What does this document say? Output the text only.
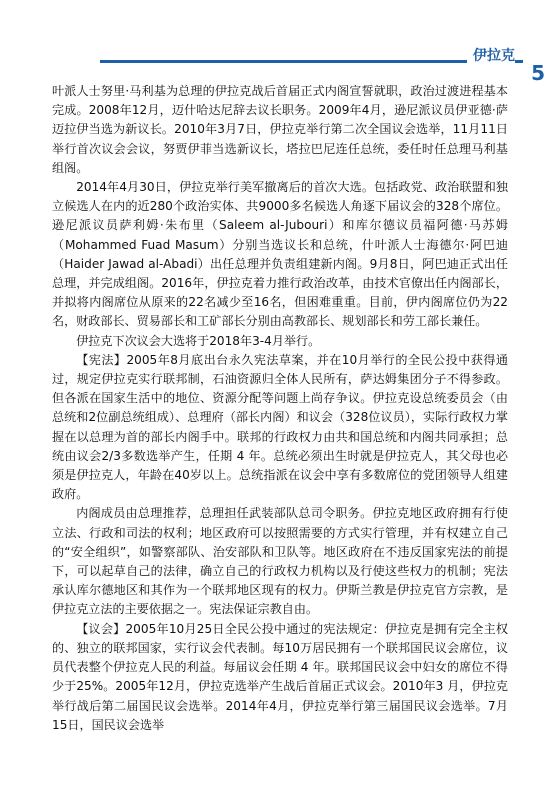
伊拉克
5

叶派人士努里·马利基为总理的伊拉克战后首届正式内阁宣誓就职，政治过渡进程基本完成。2008年12月，迈什哈达尼辞去议长职务。2009年4月，逊尼派议员伊亚德·萨迈拉伊当选为新议长。2010年3月7日，伊拉克举行第二次全国议会选举，11月11日举行首次议会会议，努贾伊菲当选新议长，塔拉巴尼连任总统，委任时任总理马利基组阁。

2014年4月30日，伊拉克举行美军撤离后的首次大选。包括政党、政治联盟和独立候选人在内的近280个政治实体、共9000多名候选人角逐下届议会的328个席位。逊尼派议员萨利姆·朱布里（Saleem al-Jubouri）和库尔德议员福阿德·马苏姆（Mohammed Fuad Masum）分别当选议长和总统，什叶派人士海德尔·阿巴迪（Haider Jawad al-Abadi）出任总理并负责组建新内阁。9月8日，阿巴迪正式出任总理，并完成组阁。2016年，伊拉克着力推行政治改革，由技术官僚出任内阁部长，并拟将内阁席位从原来的22名减少至16名，但困难重重。目前，伊内阁席位仍为22名，财政部长、贸易部长和工矿部长分别由高教部长、规划部长和劳工部长兼任。

伊拉克下次议会大选将于2018年3-4月举行。

【宪法】2005年8月底出台永久宪法草案，并在10月举行的全民公投中获得通过，规定伊拉克实行联邦制，石油资源归全体人民所有，萨达姆集团分子不得参政。但各派在国家生活中的地位、资源分配等问题上尚存争议。伊拉克设总统委员会（由总统和2位副总统组成）、总理府（部长内阁）和议会（328位议员），实际行政权力掌握在以总理为首的部长内阁手中。联邦的行政权力由共和国总统和内阁共同承担；总统由议会2/3多数选举产生，任期 4 年。总统必须出生时就是伊拉克人，其父母也必须是伊拉克人，年龄在40岁以上。总统指派在议会中享有多数席位的党团领导人组建政府。

内阁成员由总理推荐，总理担任武装部队总司令职务。伊拉克地区政府拥有行使立法、行政和司法的权利；地区政府可以按照需要的方式实行管理，并有权建立自己的“安全组织”，如警察部队、治安部队和卫队等。地区政府在不违反国家宪法的前提下，可以起草自己的法律，确立自己的行政权力机构以及行使这些权力的机制；宪法承认库尔德地区和其作为一个联邦地区现有的权力。伊斯兰教是伊拉克官方宗教，是伊拉克立法的主要依据之一。宪法保证宗教自由。

【议会】2005年10月25日全民公投中通过的宪法规定：伊拉克是拥有完全主权的、独立的联邦国家，实行议会代表制。每10万居民拥有一个联邦国民议会席位，议员代表整个伊拉克人民的利益。每届议会任期 4 年。联邦国民议会中妇女的席位不得少于25%。2005年12月，伊拉克选举产生战后首届正式议会。2010年3 月，伊拉克举行战后第二届国民议会选举。2014年4月，伊拉克举行第三届国民议会选举。7月15日，国民议会选举
